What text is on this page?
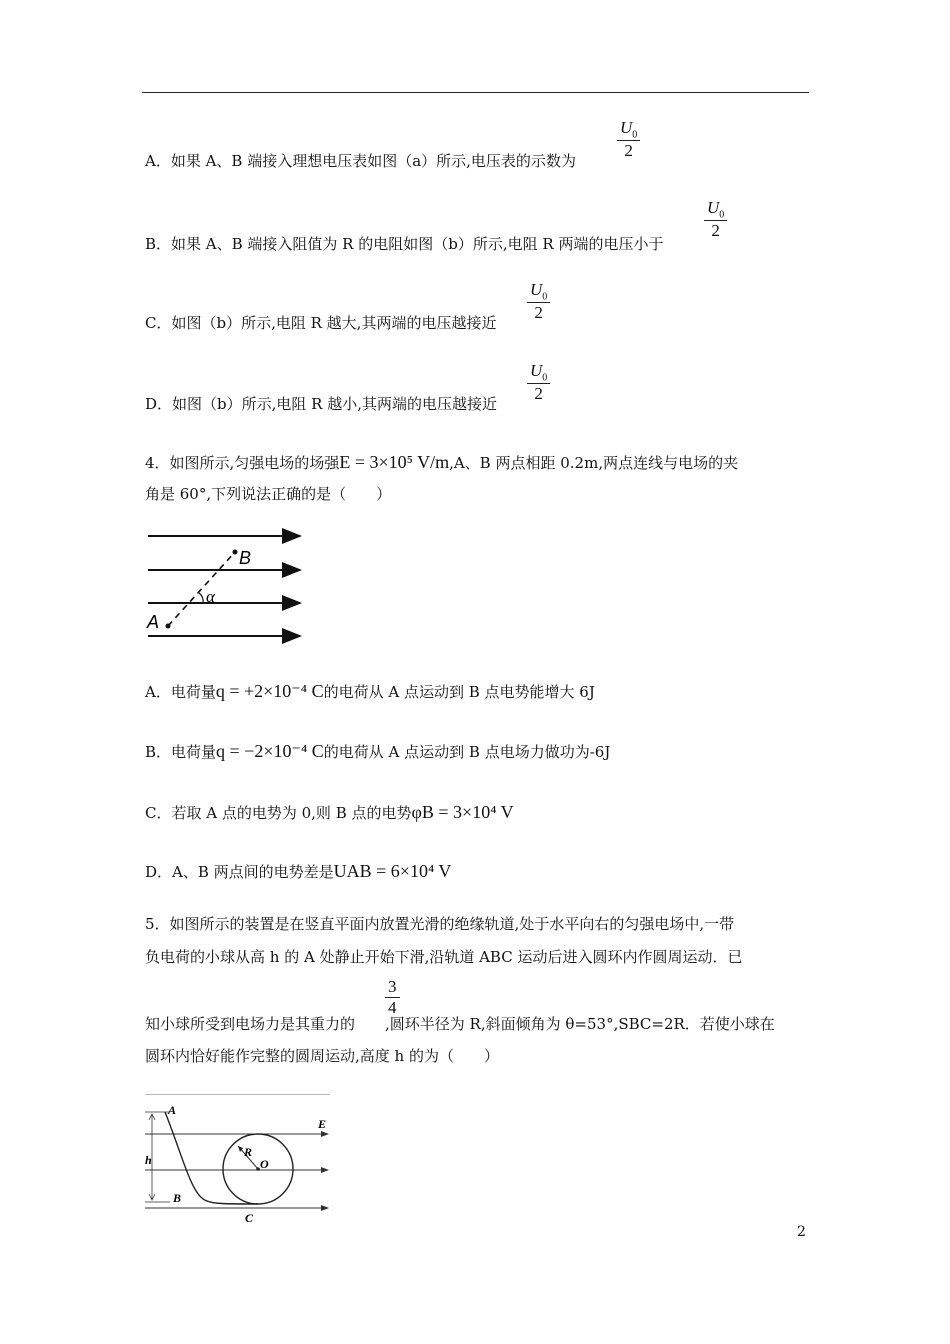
A．如果 A、B 端接入理想电压表如图（a）所示,电压表的示数为 $\frac{U_0}{2}$
B．如果 A、B 端接入阻值为 R 的电阻如图（b）所示,电阻 R 两端的电压小于
$\frac{U_0}{2}$
C．如图（b）所示,电阻 R 越大,其两端的电压越接近 $\frac{U_0}{2}$
D．如图（b）所示,电阻 R 越小,其两端的电压越接近 $\frac{U_0}{2}$
4．如图所示,匀强电场的场强E = 3×10⁵ V/m,A、B 两点相距 0.2m,两点连线与电场的夹
角是 60°,下列说法正确的是（　　）
A
B
α
A．电荷量q = +2×10⁻⁴ C的电荷从 A 点运动到 B 点电势能增大 6J
B．电荷量q = −2×10⁻⁴ C的电荷从 A 点运动到 B 点电场力做功为-6J
C．若取 A 点的电势为 0,则 B 点的电势φB = 3×10⁴ V
D．A、B 两点间的电势差是UAB = 6×10⁴ V
5．如图所示的装置是在竖直平面内放置光滑的绝缘轨道,处于水平向右的匀强电场中,一带
负电荷的小球从高 h 的 A 处静止开始下滑,沿轨道 ABC 运动后进入圆环内作圆周运动．已
知小球所受到电场力是其重力的 ,圆环半径为 R,斜面倾角为 θ=53°,SBC=2R．若使小球在
$\frac{3}{4}$
圆环内恰好能作完整的圆周运动,高度 h 的为（　　）
A
h
B
C
E
R
O
2
